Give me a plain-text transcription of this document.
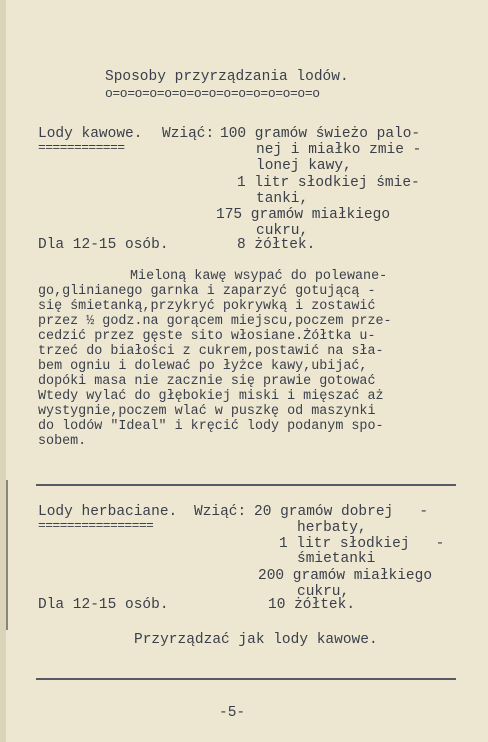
Sposoby przyrządzania lodów.
o=o=o=o=o=o=o=o=o=o=o=o=o=o=o
Lody kawowe.
============
Wziąć: 100 gramów świeżo palo-
nej i miałko zmie -
lonej kawy,
1 litr słodkiej śmie-
tanki,
175 gramów miałkiego
cukru,
8 żółtek.
Dla 12-15 osób.
Mieloną kawę wsypać do polewane-
go,glinianego garnka i zaparzyć gotującą -
się śmietanką,przykryć pokrywką i zostawić
przez ½ godz.na gorącem miejscu,poczem prze-
cedzić przez gęste sito włosiane.Żółtka u-
trzeć do białości z cukrem,postawić na sła-
bem ogniu i dolewać po łyżce kawy,ubijać,
dopóki masa nie zacznie się prawie gotować
Wtedy wylać do głębokiej miski i mięszać aż
wystygnie,poczem wlać w puszkę od maszynki
do lodów "Ideal" i kręcić lody podanym spo-
sobem.
Lody herbaciane.
================
Wziąć: 20 gramów dobrej   -
herbaty,
1 litr słodkiej   -
śmietanki
200 gramów miałkiego
cukru,
10 żółtek.
Dla 12-15 osób.
Przyrządzać jak lody kawowe.
-5-
